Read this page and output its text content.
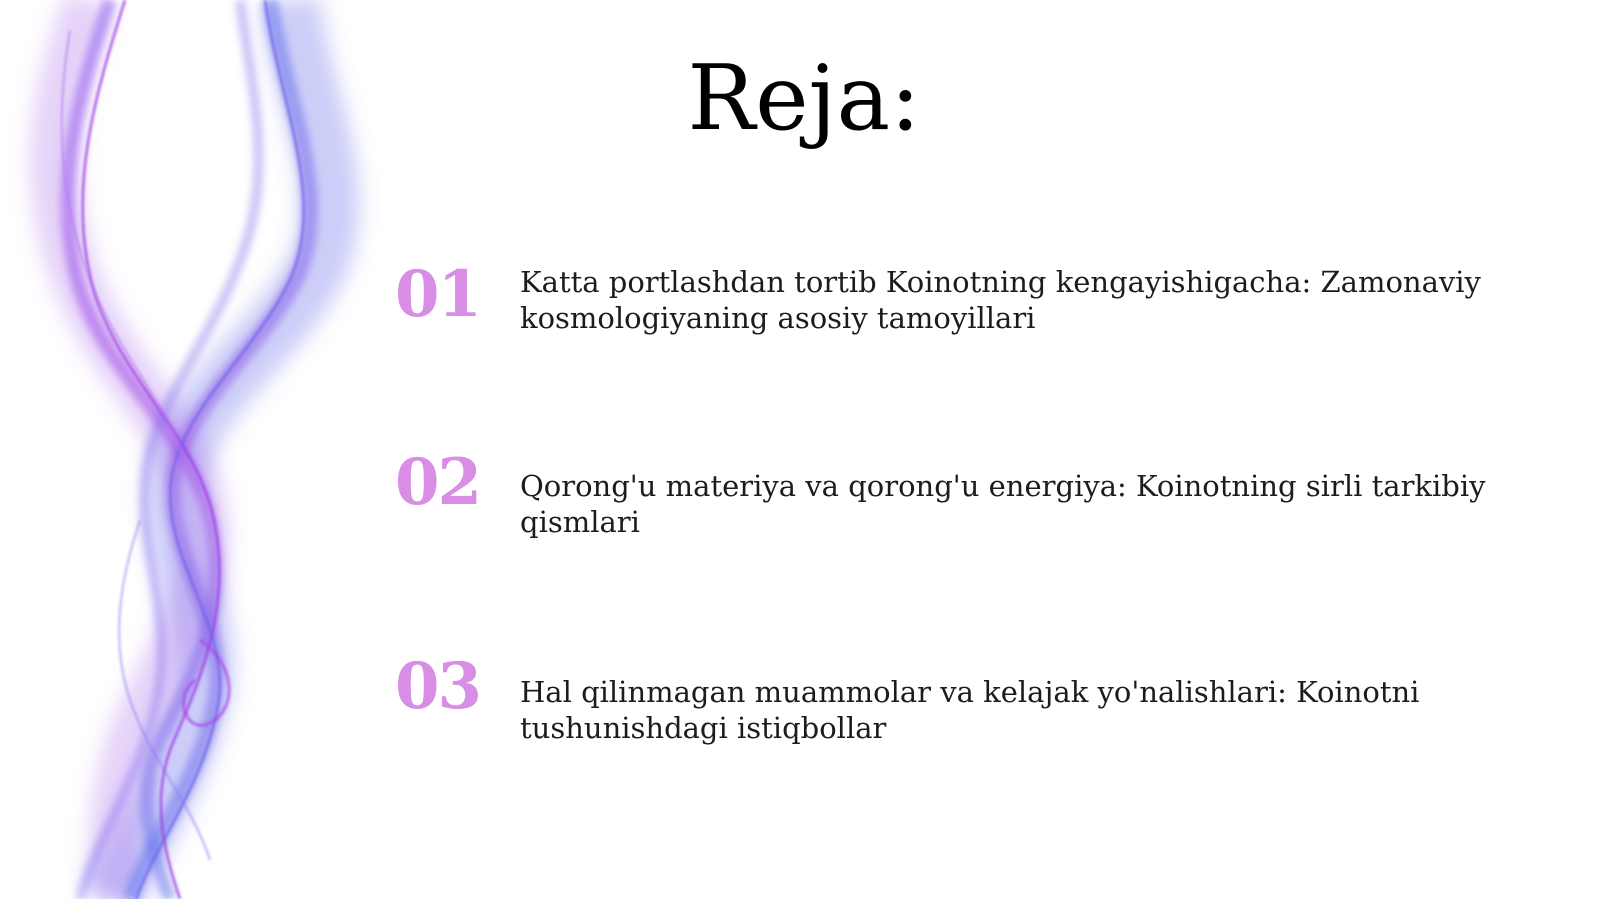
Reja:
01 Katta portlashdan tortib Koinotning kengayishigacha: Zamonaviy kosmologiyaning asosiy tamoyillari
02 Qorong'u materiya va qorong'u energiya: Koinotning sirli tarkibiy qismlari
03 Hal qilinmagan muammolar va kelajak yo'nalishlari: Koinotni tushunishdagi istiqbollar
